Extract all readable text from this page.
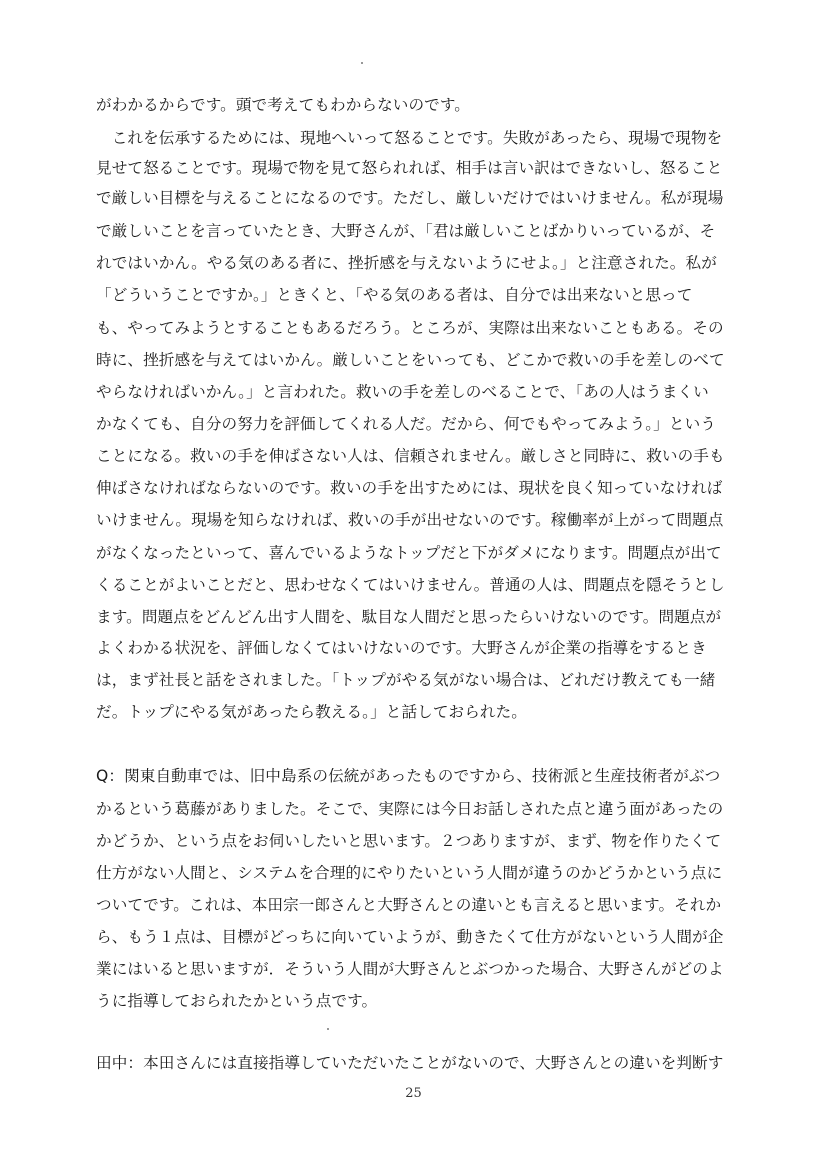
がわかるからです。頭で考えてもわからないのです。
　これを伝承するためには、現地へいって怒ることです。失敗があったら、現場で現物を
見せて怒ることです。現場で物を見て怒られれば、相手は言い訳はできないし、怒ること
で厳しい目標を与えることになるのです。ただし、厳しいだけではいけません。私が現場
で厳しいことを言っていたとき、大野さんが、「君は厳しいことばかりいっているが、そ
れではいかん。やる気のある者に、挫折感を与えないようにせよ。」と注意された。私が
「どういうことですか。」ときくと、「やる気のある者は、自分では出来ないと思って
も、やってみようとすることもあるだろう。ところが、実際は出来ないこともある。その
時に、挫折感を与えてはいかん。厳しいことをいっても、どこかで救いの手を差しのべて
やらなければいかん。」と言われた。救いの手を差しのべることで、「あの人はうまくい
かなくても、自分の努力を評価してくれる人だ。だから、何でもやってみよう。」という
ことになる。救いの手を伸ばさない人は、信頼されません。厳しさと同時に、救いの手も
伸ばさなければならないのです。救いの手を出すためには、現状を良く知っていなければ
いけません。現場を知らなければ、救いの手が出せないのです。稼働率が上がって問題点
がなくなったといって、喜んでいるようなトップだと下がダメになります。問題点が出て
くることがよいことだと、思わせなくてはいけません。普通の人は、問題点を隠そうとし
ます。問題点をどんどん出す人間を、駄目な人間だと思ったらいけないのです。問題点が
よくわかる状況を、評価しなくてはいけないのです。大野さんが企業の指導をするとき
は，まず社長と話をされました。「トップがやる気がない場合は、どれだけ教えても一緒
だ。トップにやる気があったら教える。」と話しておられた。
Q：関東自動車では、旧中島系の伝統があったものですから、技術派と生産技術者がぶつ
かるという葛藤がありました。そこで、実際には今日お話しされた点と違う面があったの
かどうか、という点をお伺いしたいと思います。２つありますが、まず、物を作りたくて
仕方がない人間と、システムを合理的にやりたいという人間が違うのかどうかという点に
ついてです。これは、本田宗一郎さんと大野さんとの違いとも言えると思います。それか
ら、もう１点は、目標がどっちに向いていようが、動きたくて仕方がないという人間が企
業にはいると思いますが．そういう人間が大野さんとぶつかった場合、大野さんがどのよ
うに指導しておられたかという点です。
田中：本田さんには直接指導していただいたことがないので、大野さんとの違いを判断す
25
